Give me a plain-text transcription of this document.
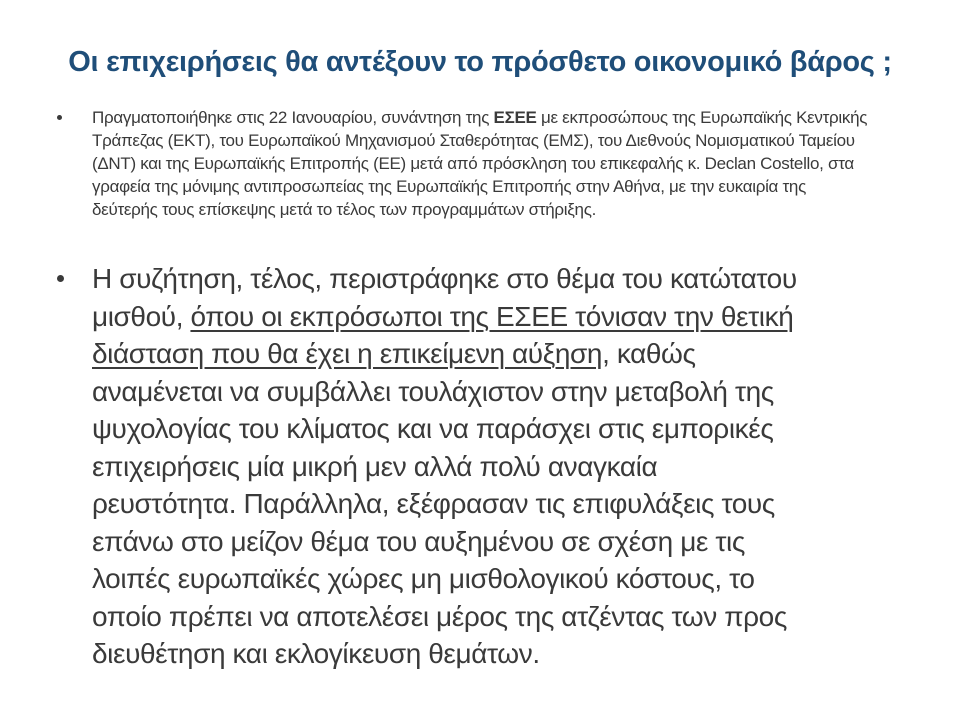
Οι επιχειρήσεις θα αντέξουν το πρόσθετο οικονομικό βάρος ;

Πραγματοποιήθηκε στις 22 Ιανουαρίου, συνάντηση της ΕΣΕΕ με εκπροσώπους της Ευρωπαϊκής Κεντρικής Τράπεζας (ΕΚΤ), του Ευρωπαϊκού Μηχανισμού Σταθερότητας (ΕΜΣ), του Διεθνούς Νομισματικού Ταμείου (ΔΝΤ) και της Ευρωπαϊκής Επιτροπής (ΕΕ) μετά από πρόσκληση του επικεφαλής κ. Declan Costello, στα γραφεία της μόνιμης αντιπροσωπείας της Ευρωπαϊκής Επιτροπής στην Αθήνα, με την ευκαιρία της δεύτερής τους επίσκεψης μετά το τέλος των προγραμμάτων στήριξης.

Η συζήτηση, τέλος, περιστράφηκε στο θέμα του κατώτατου μισθού, όπου οι εκπρόσωποι της ΕΣΕΕ τόνισαν την θετική διάσταση που θα έχει η επικείμενη αύξηση, καθώς αναμένεται να συμβάλλει τουλάχιστον στην μεταβολή της ψυχολογίας του κλίματος και να παράσχει στις εμπορικές επιχειρήσεις μία μικρή μεν αλλά πολύ αναγκαία ρευστότητα. Παράλληλα, εξέφρασαν τις επιφυλάξεις τους επάνω στο μείζον θέμα του αυξημένου σε σχέση με τις λοιπές ευρωπαϊκές χώρες μη μισθολογικού κόστους, το οποίο πρέπει να αποτελέσει μέρος της ατζέντας των προς διευθέτηση και εκλογίκευση θεμάτων.
